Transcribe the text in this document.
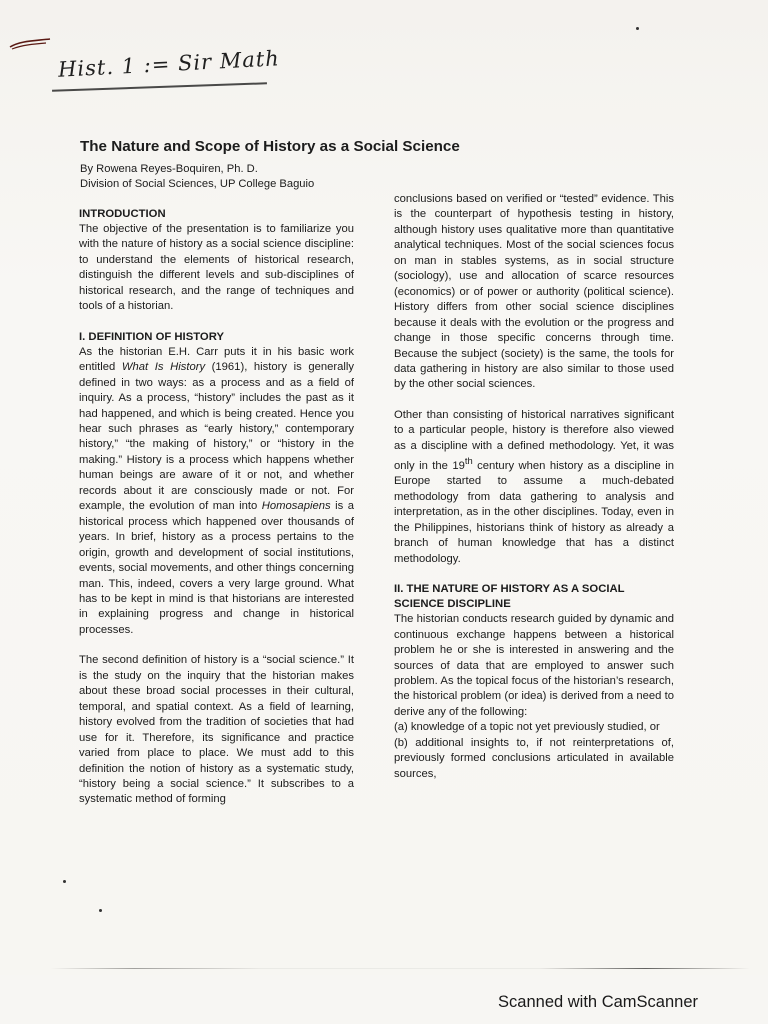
Hist. 1 := Sir Math
The Nature and Scope of History as a Social Science
By Rowena Reyes-Boquiren, Ph. D.
Division of Social Sciences, UP College Baguio
INTRODUCTION

The objective of the presentation is to familiarize you with the nature of history as a social science discipline: to understand the elements of historical research, distinguish the different levels and sub-disciplines of historical research, and the range of techniques and tools of a historian.

I. DEFINITION OF HISTORY

As the historian E.H. Carr puts it in his basic work entitled What Is History (1961), history is generally defined in two ways: as a process and as a field of inquiry. As a process, “history” includes the past as it had happened, and which is being created. Hence you hear such phrases as “early history,” contemporary history,” “the making of history,” or “history in the making.” History is a process which happens whether human beings are aware of it or not, and whether records about it are consciously made or not. For example, the evolution of man into Homosapiens is a historical process which happened over thousands of years. In brief, history as a process pertains to the origin, growth and development of social institutions, events, social movements, and other things concerning man. This, indeed, covers a very large ground. What has to be kept in mind is that historians are interested in explaining progress and change in historical processes.

The second definition of history is a “social science.” It is the study on the inquiry that the historian makes about these broad social processes in their cultural, temporal, and spatial context. As a field of learning, history evolved from the tradition of societies that had use for it. Therefore, its significance and practice varied from place to place. We must add to this definition the notion of history as a systematic study, “history being a social science.” It subscribes to a systematic method of forming

conclusions based on verified or “tested” evidence. This is the counterpart of hypothesis testing in history, although history uses qualitative more than quantitative analytical techniques. Most of the social sciences focus on man in stables systems, as in social structure (sociology), use and allocation of scarce resources (economics) or of power or authority (political science). History differs from other social science disciplines because it deals with the evolution or the progress and change in those specific concerns through time. Because the subject (society) is the same, the tools for data gathering in history are also similar to those used by the other social sciences.

Other than consisting of historical narratives significant to a particular people, history is therefore also viewed as a discipline with a defined methodology. Yet, it was only in the 19th century when history as a discipline in Europe started to assume a much-debated methodology from data gathering to analysis and interpretation, as in the other disciplines. Today, even in the Philippines, historians think of history as already a branch of human knowledge that has a distinct methodology.

II. THE NATURE OF HISTORY AS A SOCIAL SCIENCE DISCIPLINE

The historian conducts research guided by dynamic and continuous exchange happens between a historical problem he or she is interested in answering and the sources of data that are employed to answer such problem. As the topical focus of the historian’s research, the historical problem (or idea) is derived from a need to derive any of the following:

(a) knowledge of a topic not yet previously studied, or

(b) additional insights to, if not reinterpretations of, previously formed conclusions articulated in available sources,

Scanned with CamScanner
